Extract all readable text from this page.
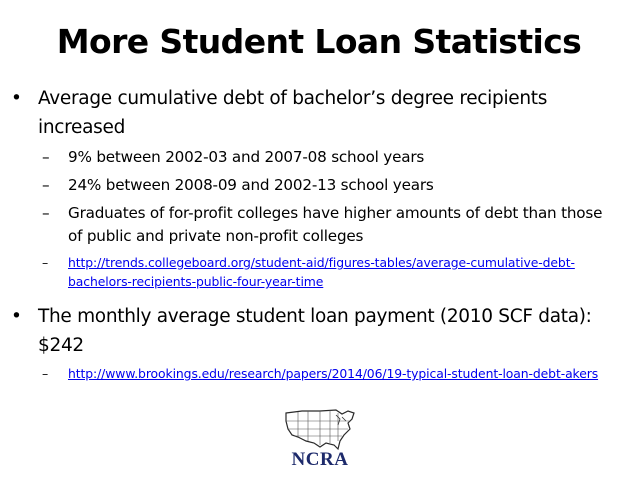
More Student Loan Statistics
• Average cumulative debt of bachelor’s degree recipients increased
– 9% between 2002-03 and 2007-08 school years
– 24% between 2008-09 and 2002-13 school years
– Graduates of for-profit colleges have higher amounts of debt than those of public and private non-profit colleges
– http://trends.collegeboard.org/student-aid/figures-tables/average-cumulative-debt-bachelors-recipients-public-four-year-time
• The monthly average student loan payment (2010 SCF data): $242
– http://www.brookings.edu/research/papers/2014/06/19-typical-student-loan-debt-akers
NCRA
